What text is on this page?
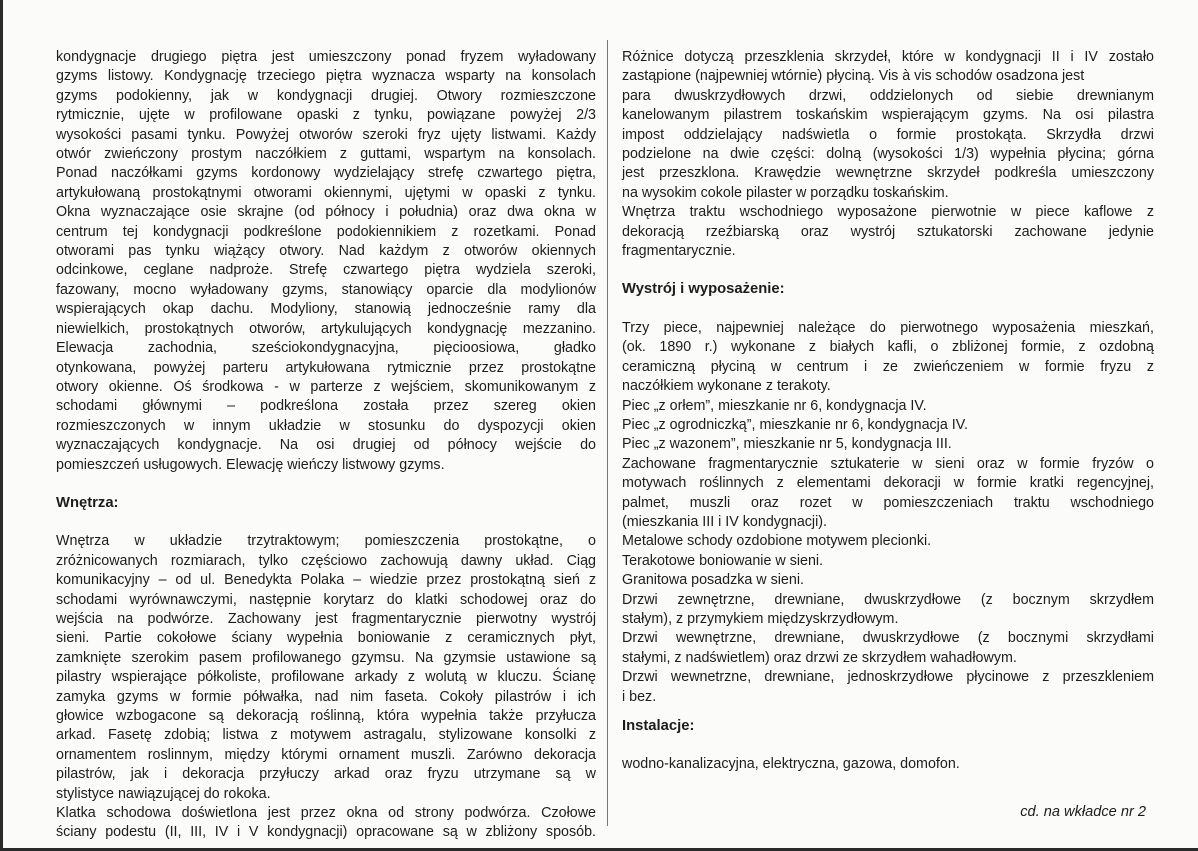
kondygnacje drugiego piętra jest umieszczony ponad fryzem wyładowany

gzyms listowy. Kondygnację trzeciego piętra wyznacza wsparty na konsolach

gzyms podokienny, jak w kondygnacji drugiej. Otwory rozmieszczone

rytmicznie, ujęte w profilowane opaski z tynku, powiązane powyżej 2/3

wysokości pasami tynku. Powyżej otworów szeroki fryz ujęty listwami. Każdy

otwór zwieńczony prostym naczółkiem z guttami, wspartym na konsolach.

Ponad naczółkami gzyms kordonowy wydzielający strefę czwartego piętra,

artykułowaną prostokątnymi otworami okiennymi, ujętymi w opaski z tynku.

Okna wyznaczające osie skrajne (od północy i południa) oraz dwa okna w

centrum tej kondygnacji podkreślone podokiennikiem z rozetkami. Ponad

otworami pas tynku wiążący otwory. Nad każdym z otworów okiennych

odcinkowe, ceglane nadproże. Strefę czwartego piętra wydziela szeroki,

fazowany, mocno wyładowany gzyms, stanowiący oparcie dla modylionów

wspierających okap dachu. Modyliony, stanowią jednocześnie ramy dla

niewielkich, prostokątnych otworów, artykulujących kondygnację mezzanino.

Elewacja zachodnia, sześciokondygnacyjna, pięcioosiowa, gładko

otynkowana, powyżej parteru artykułowana rytmicznie przez prostokątne

otwory okienne. Oś środkowa - w parterze z wejściem, skomunikowanym z

schodami głównymi – podkreślona została przez szereg okien

rozmieszczonych w innym układzie w stosunku do dyspozycji okien

wyznaczających kondygnacje. Na osi drugiej od północy wejście do

pomieszczeń usługowych. Elewację wieńczy listwowy gzyms.

Wnętrza:

Wnętrza w układzie trzytraktowym; pomieszczenia prostokątne, o

zróżnicowanych rozmiarach, tylko częściowo zachowują dawny układ. Ciąg

komunikacyjny – od ul. Benedykta Polaka – wiedzie przez prostokątną sień z

schodami wyrównawczymi, następnie korytarz do klatki schodowej oraz do

wejścia na podwórze. Zachowany jest fragmentarycznie pierwotny wystrój

sieni. Partie cokołowe ściany wypełnia boniowanie z ceramicznych płyt,

zamknięte szerokim pasem profilowanego gzymsu. Na gzymsie ustawione są

pilastry wspierające półkoliste, profilowane arkady z wolutą w kluczu. Ścianę

zamyka gzyms w formie półwałka, nad nim faseta. Cokoły pilastrów i ich

głowice wzbogacone są dekoracją roślinną, która wypełnia także przyłucza

arkad. Fasetę zdobią; listwa z motywem astragalu, stylizowane konsolki z

ornamentem roslinnym, między którymi ornament muszli. Zarówno dekoracja

pilastrów, jak i dekoracja przyłuczy arkad oraz fryzu utrzymane są w

stylistyce nawiązującej do rokoka.

Klatka schodowa doświetlona jest przez okna od strony podwórza. Czołowe

ściany podestu (II, III, IV i V kondygnacji) opracowane są w zbliżony sposób.

Różnice dotyczą przeszklenia skrzydeł, które w kondygnacji II i IV zostało

zastąpione (najpewniej wtórnie) płyciną. Vis à vis schodów osadzona jest

para dwuskrzydłowych drzwi, oddzielonych od siebie drewnianym

kanelowanym pilastrem toskańskim wspierającym gzyms. Na osi pilastra

impost oddzielający nadświetla o formie prostokąta. Skrzydła drzwi

podzielone na dwie części: dolną (wysokości 1/3) wypełnia płycina; górna

jest przeszklona. Krawędzie wewnętrzne skrzydeł podkreśla umieszczony

na wysokim cokole pilaster w porządku toskańskim.

Wnętrza traktu wschodniego wyposażone pierwotnie w piece kaflowe z

dekoracją rzeźbiarską oraz wystrój sztukatorski zachowane jedynie

fragmentarycznie.

Wystrój i wyposażenie:

Trzy piece, najpewniej należące do pierwotnego wyposażenia mieszkań,

(ok. 1890 r.) wykonane z białych kafli, o zbliżonej formie, z ozdobną

ceramiczną płyciną w centrum i ze zwieńczeniem w formie fryzu z

naczółkiem wykonane z terakoty.

Piec „z orłem”, mieszkanie nr 6, kondygnacja IV.

Piec „z ogrodniczką”, mieszkanie nr 6, kondygnacja IV.

Piec „z wazonem”, mieszkanie nr 5, kondygnacja III.

Zachowane fragmentarycznie sztukaterie w sieni oraz w formie fryzów o

motywach roślinnych z elementami dekoracji w formie kratki regencyjnej,

palmet, muszli oraz rozet w pomieszczeniach traktu wschodniego

(mieszkania III i IV kondygnacji).

Metalowe schody ozdobione motywem plecionki.

Terakotowe boniowanie w sieni.

Granitowa posadzka w sieni.

Drzwi zewnętrzne, drewniane, dwuskrzydłowe (z bocznym skrzydłem

stałym), z przymykiem międzyskrzydłowym.

Drzwi wewnętrzne, drewniane, dwuskrzydłowe (z bocznymi skrzydłami

stałymi, z nadświetlem) oraz drzwi ze skrzydłem wahadłowym.

Drzwi wewnetrzne, drewniane, jednoskrzydłowe płycinowe z przeszkleniem

i bez.

Instalacje:

wodno-kanalizacyjna, elektryczna, gazowa, domofon.

cd. na wkładce nr 2
